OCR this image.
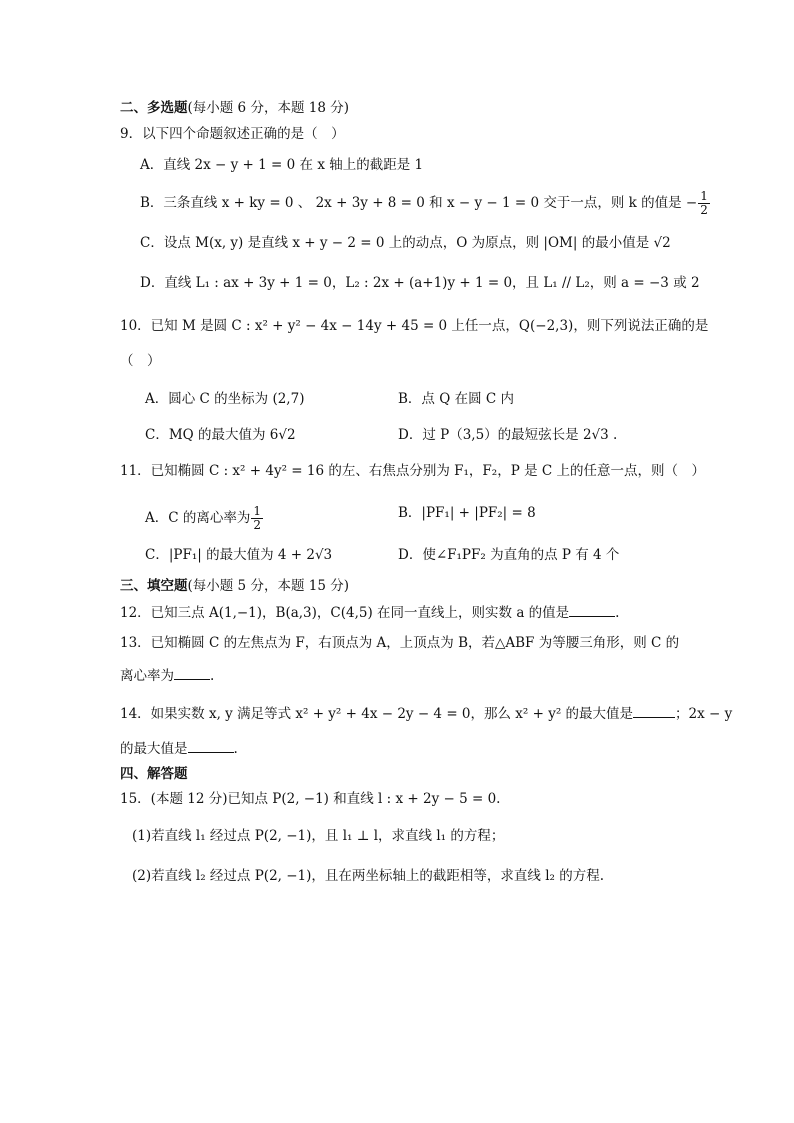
二、多选题(每小题 6 分，本题 18 分)
9．以下四个命题叙述正确的是（　）
A．直线 2x − y + 1 = 0 在 x 轴上的截距是 1
B．三条直线 x + ky = 0 、 2x + 3y + 8 = 0 和 x − y − 1 = 0 交于一点，则 k 的值是 − $\frac{1}{2}$
C．设点 M(x, y) 是直线 x + y − 2 = 0 上的动点，O 为原点，则 |OM| 的最小值是 √2
D．直线 L₁ : ax + 3y + 1 = 0，L₂ : 2x + (a+1)y + 1 = 0，且 L₁ // L₂，则 a = −3 或 2
10．已知 M 是圆 C : x² + y² − 4x − 14y + 45 = 0 上任一点，Q(−2,3)，则下列说法正确的是
（　）
A．圆心 C 的坐标为 (2,7)	B．点 Q 在圆 C 内
C．MQ 的最大值为 6√2	D．过 P（3,5）的最短弦长是 2√3 .
11．已知椭圆 C : x² + 4y² = 16 的左、右焦点分别为 F₁，F₂，P 是 C 上的任意一点，则（　）
A．C 的离心率为 $\frac{1}{2}$	B．|PF₁| + |PF₂| = 8
C．|PF₁| 的最大值为 4 + 2√3	D．使∠F₁PF₂ 为直角的点 P 有 4 个
三、填空题(每小题 5 分，本题 15 分)
12．已知三点 A(1,−1)，B(a,3)，C(4,5) 在同一直线上，则实数 a 的值是	.
13．已知椭圆 C 的左焦点为 F，右顶点为 A，上顶点为 B，若△ABF 为等腰三角形，则 C 的
离心率为	.
14．如果实数 x, y 满足等式 x² + y² + 4x − 2y − 4 = 0，那么 x² + y² 的最大值是	；2x − y
的最大值是	.
四、解答题
15．(本题 12 分)已知点 P(2, −1) 和直线 l : x + 2y − 5 = 0.
(1)若直线 l₁ 经过点 P(2, −1)，且 l₁ ⊥ l，求直线 l₁ 的方程；
(2)若直线 l₂ 经过点 P(2, −1)，且在两坐标轴上的截距相等，求直线 l₂ 的方程.
